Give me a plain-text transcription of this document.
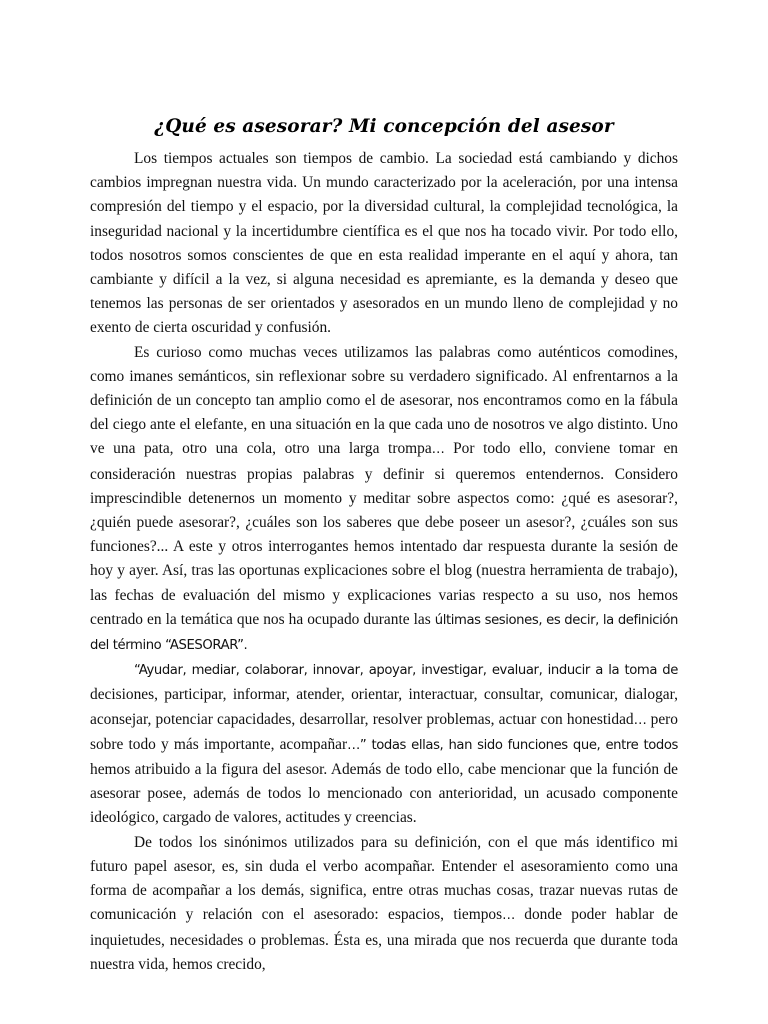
¿Qué es asesorar? Mi concepción del asesor

Los tiempos actuales son tiempos de cambio. La sociedad está cambiando y dichos cambios impregnan nuestra vida. Un mundo caracterizado por la aceleración, por una intensa compresión del tiempo y el espacio, por la diversidad cultural, la complejidad tecnológica, la inseguridad nacional y la incertidumbre científica es el que nos ha tocado vivir. Por todo ello, todos nosotros somos conscientes de que en esta realidad imperante en el aquí y ahora, tan cambiante y difícil a la vez, si alguna necesidad es apremiante, es la demanda y deseo que tenemos las personas de ser orientados y asesorados en un mundo lleno de complejidad y no exento de cierta oscuridad y confusión.

Es curioso como muchas veces utilizamos las palabras como auténticos comodines, como imanes semánticos, sin reflexionar sobre su verdadero significado. Al enfrentarnos a la definición de un concepto tan amplio como el de asesorar, nos encontramos como en la fábula del ciego ante el elefante, en una situación en la que cada uno de nosotros ve algo distinto. Uno ve una pata, otro una cola, otro una larga trompa… Por todo ello, conviene tomar en consideración nuestras propias palabras y definir si queremos entendernos. Considero imprescindible detenernos un momento y meditar sobre aspectos como: ¿qué es asesorar?, ¿quién puede asesorar?, ¿cuáles son los saberes que debe poseer un asesor?, ¿cuáles son sus funciones?... A este y otros interrogantes hemos intentado dar respuesta durante la sesión de hoy y ayer. Así, tras las oportunas explicaciones sobre el blog (nuestra herramienta de trabajo), las fechas de evaluación del mismo y explicaciones varias respecto a su uso, nos hemos centrado en la temática que nos ha ocupado durante las últimas sesiones, es decir, la definición del término “ASESORAR”.

“Ayudar, mediar, colaborar, innovar, apoyar, investigar, evaluar, inducir a la toma de decisiones, participar, informar, atender, orientar, interactuar, consultar, comunicar, dialogar, aconsejar, potenciar capacidades, desarrollar, resolver problemas, actuar con honestidad… pero sobre todo y más importante, acompañar…” todas ellas, han sido funciones que, entre todos hemos atribuido a la figura del asesor. Además de todo ello, cabe mencionar que la función de asesorar posee, además de todos lo mencionado con anterioridad, un acusado componente ideológico, cargado de valores, actitudes y creencias.

De todos los sinónimos utilizados para su definición, con el que más identifico mi futuro papel asesor, es, sin duda el verbo acompañar. Entender el asesoramiento como una forma de acompañar a los demás, significa, entre otras muchas cosas, trazar nuevas rutas de comunicación y relación con el asesorado: espacios, tiempos… donde poder hablar de inquietudes, necesidades o problemas. Ésta es, una mirada que nos recuerda que durante toda nuestra vida, hemos crecido,
